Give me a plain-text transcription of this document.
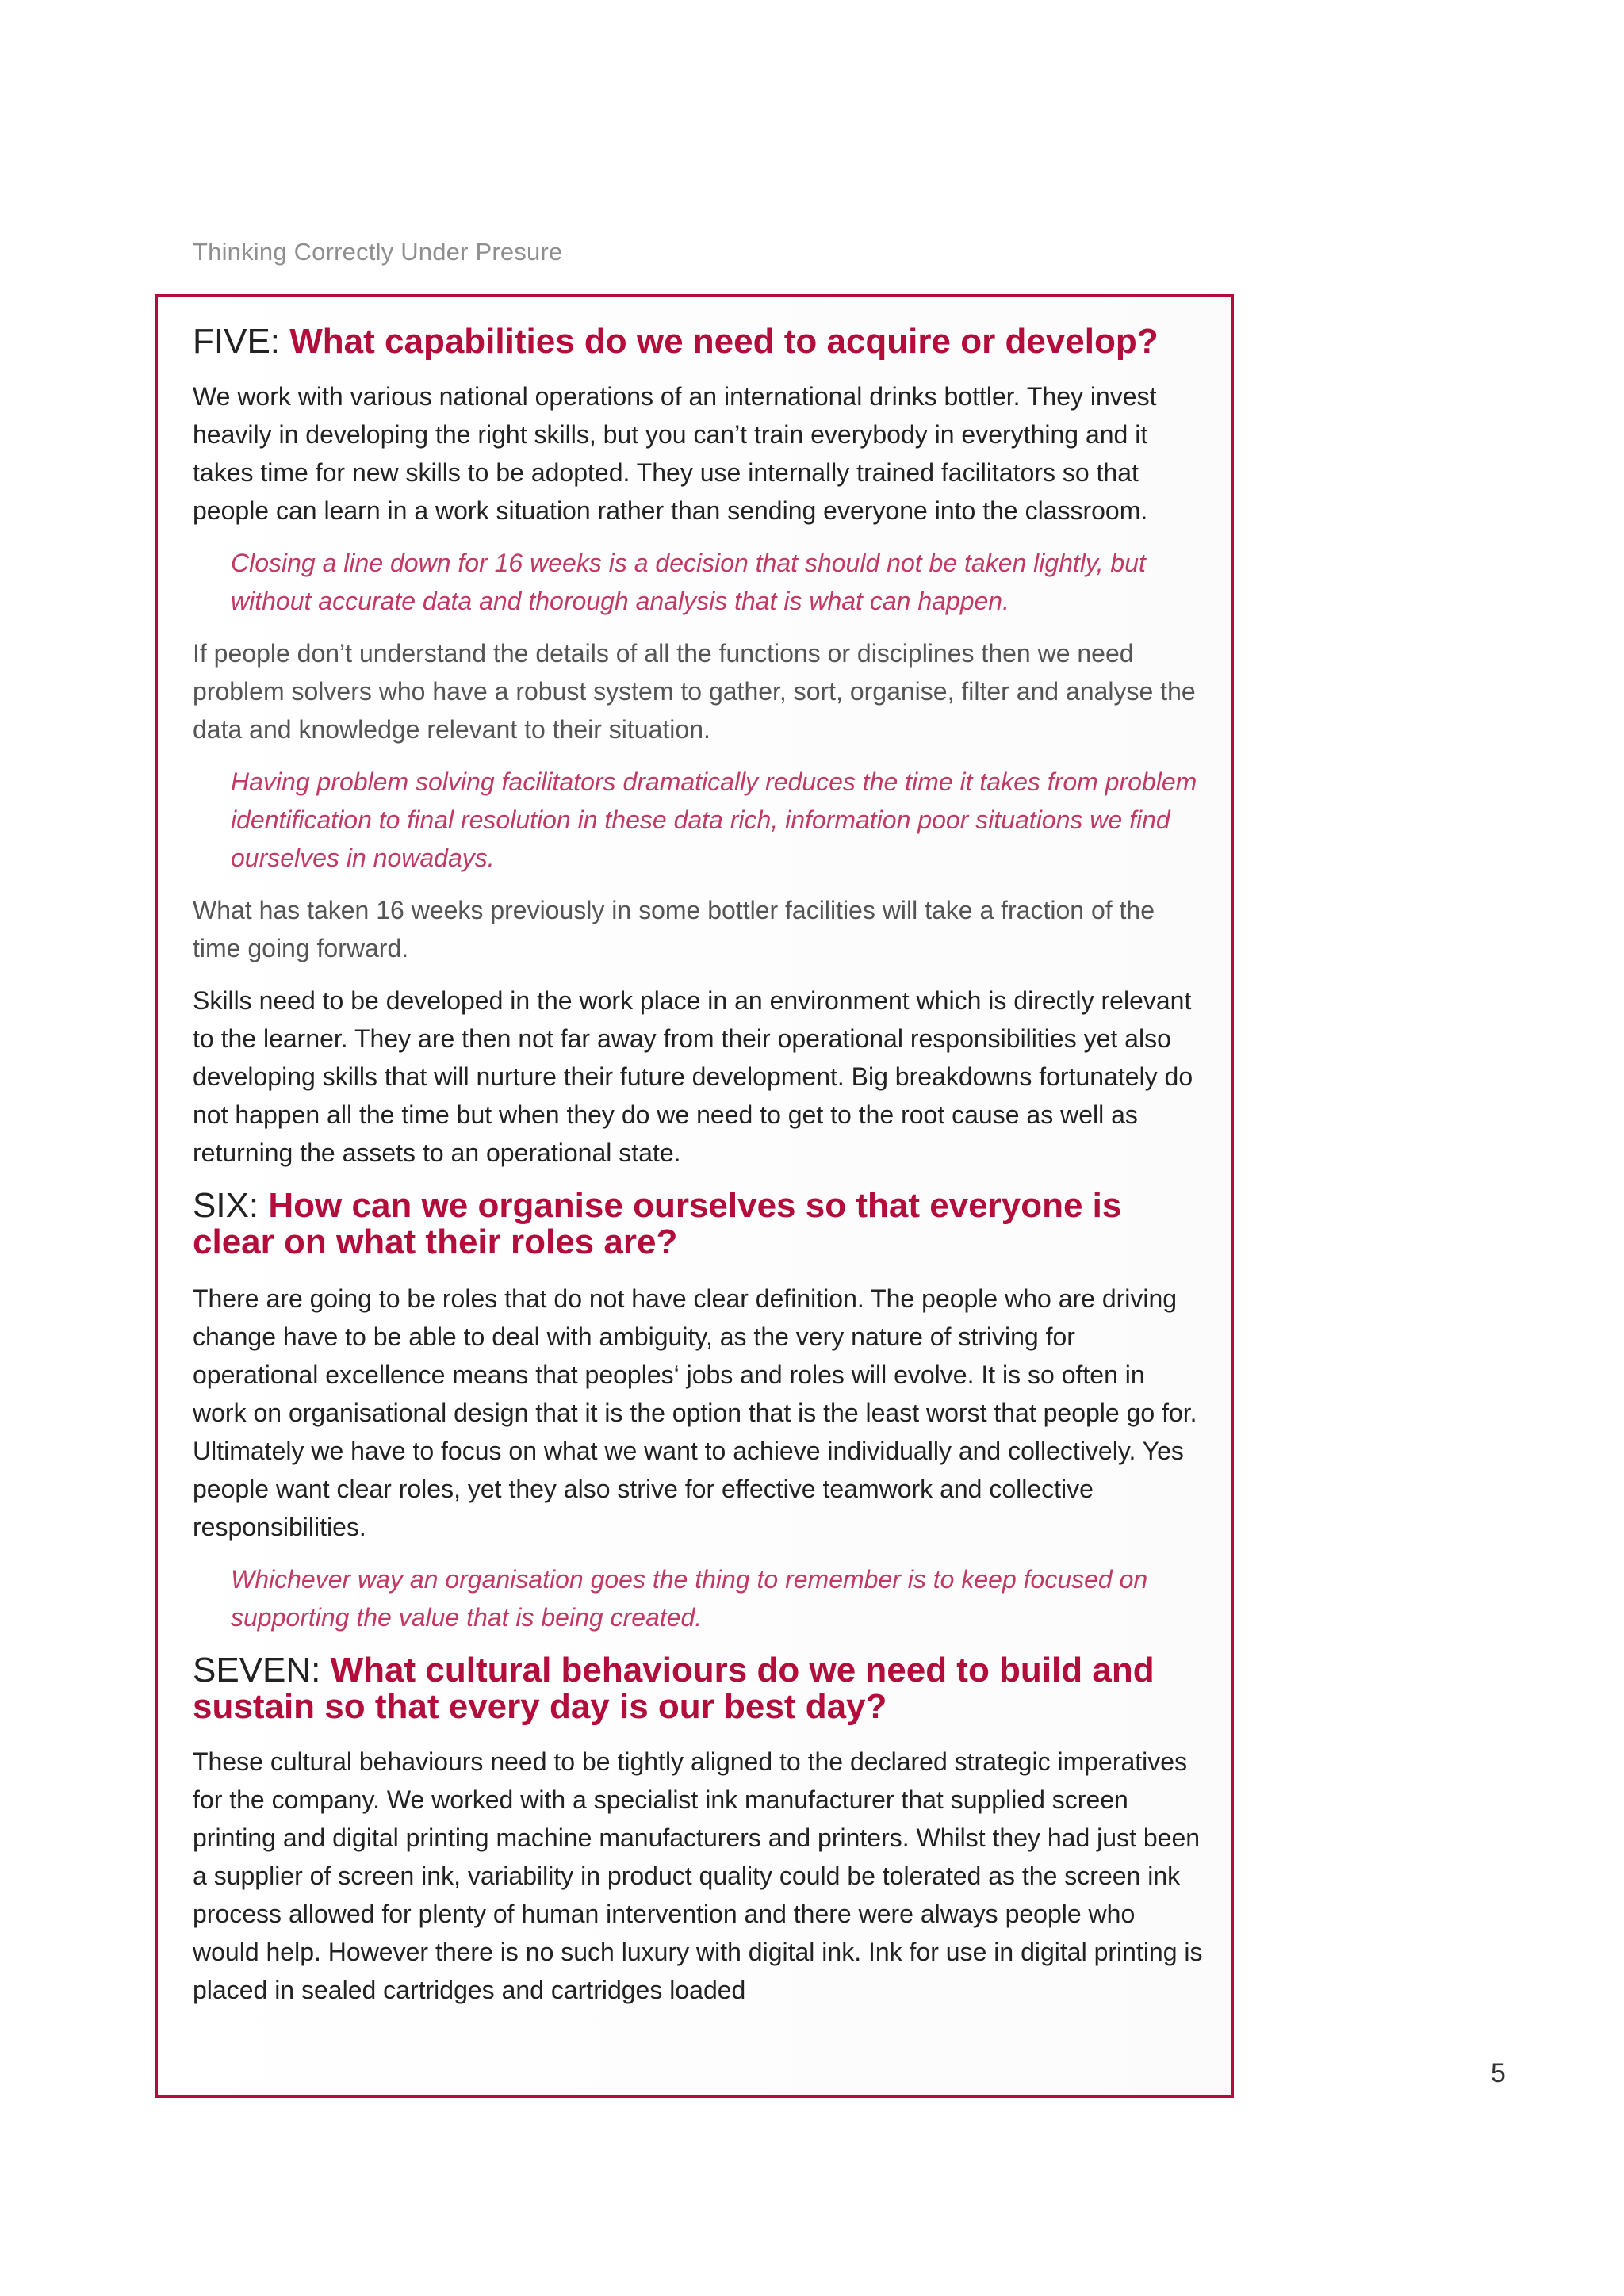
Thinking Correctly Under Presure
FIVE: What capabilities do we need to acquire or develop?

We work with various national operations of an international drinks bottler. They invest heavily in developing the right skills, but you can’t train everybody in everything and it takes time for new skills to be adopted. They use internally trained facilitators so that people can learn in a work situation rather than sending everyone into the classroom.

Closing a line down for 16 weeks is a decision that should not be taken lightly, but without accurate data and thorough analysis that is what can happen.

If people don’t understand the details of all the functions or disciplines then we need problem solvers who have a robust system to gather, sort, organise, filter and analyse the data and knowledge relevant to their situation.

Having problem solving facilitators dramatically reduces the time it takes from problem identification to final resolution in these data rich, information poor situations we find ourselves in nowadays.

What has taken 16 weeks previously in some bottler facilities will take a fraction of the time going forward.

Skills need to be developed in the work place in an environment which is directly relevant to the learner. They are then not far away from their operational responsibilities yet also developing skills that will nurture their future development. Big breakdowns fortunately do not happen all the time but when they do we need to get to the root cause as well as returning the assets to an operational state.

SIX: How can we organise ourselves so that everyone is clear on what their roles are?

There are going to be roles that do not have clear definition. The people who are driving change have to be able to deal with ambiguity, as the very nature of striving for operational excellence means that peoples‘ jobs and roles will evolve. It is so often in work on organisational design that it is the option that is the least worst that people go for. Ultimately we have to focus on what we want to achieve individually and collectively. Yes people want clear roles, yet they also strive for effective teamwork and collective responsibilities.

Whichever way an organisation goes the thing to remember is to keep focused on supporting the value that is being created.

SEVEN: What cultural behaviours do we need to build and sustain so that every day is our best day?

These cultural behaviours need to be tightly aligned to the declared strategic imperatives for the company. We worked with a specialist ink manufacturer that supplied screen printing and digital printing machine manufacturers and printers. Whilst they had just been a supplier of screen ink, variability in product quality could be tolerated as the screen ink process allowed for plenty of human intervention and there were always people who would help. However there is no such luxury with digital ink. Ink for use in digital printing is placed in sealed cartridges and cartridges loaded

5
